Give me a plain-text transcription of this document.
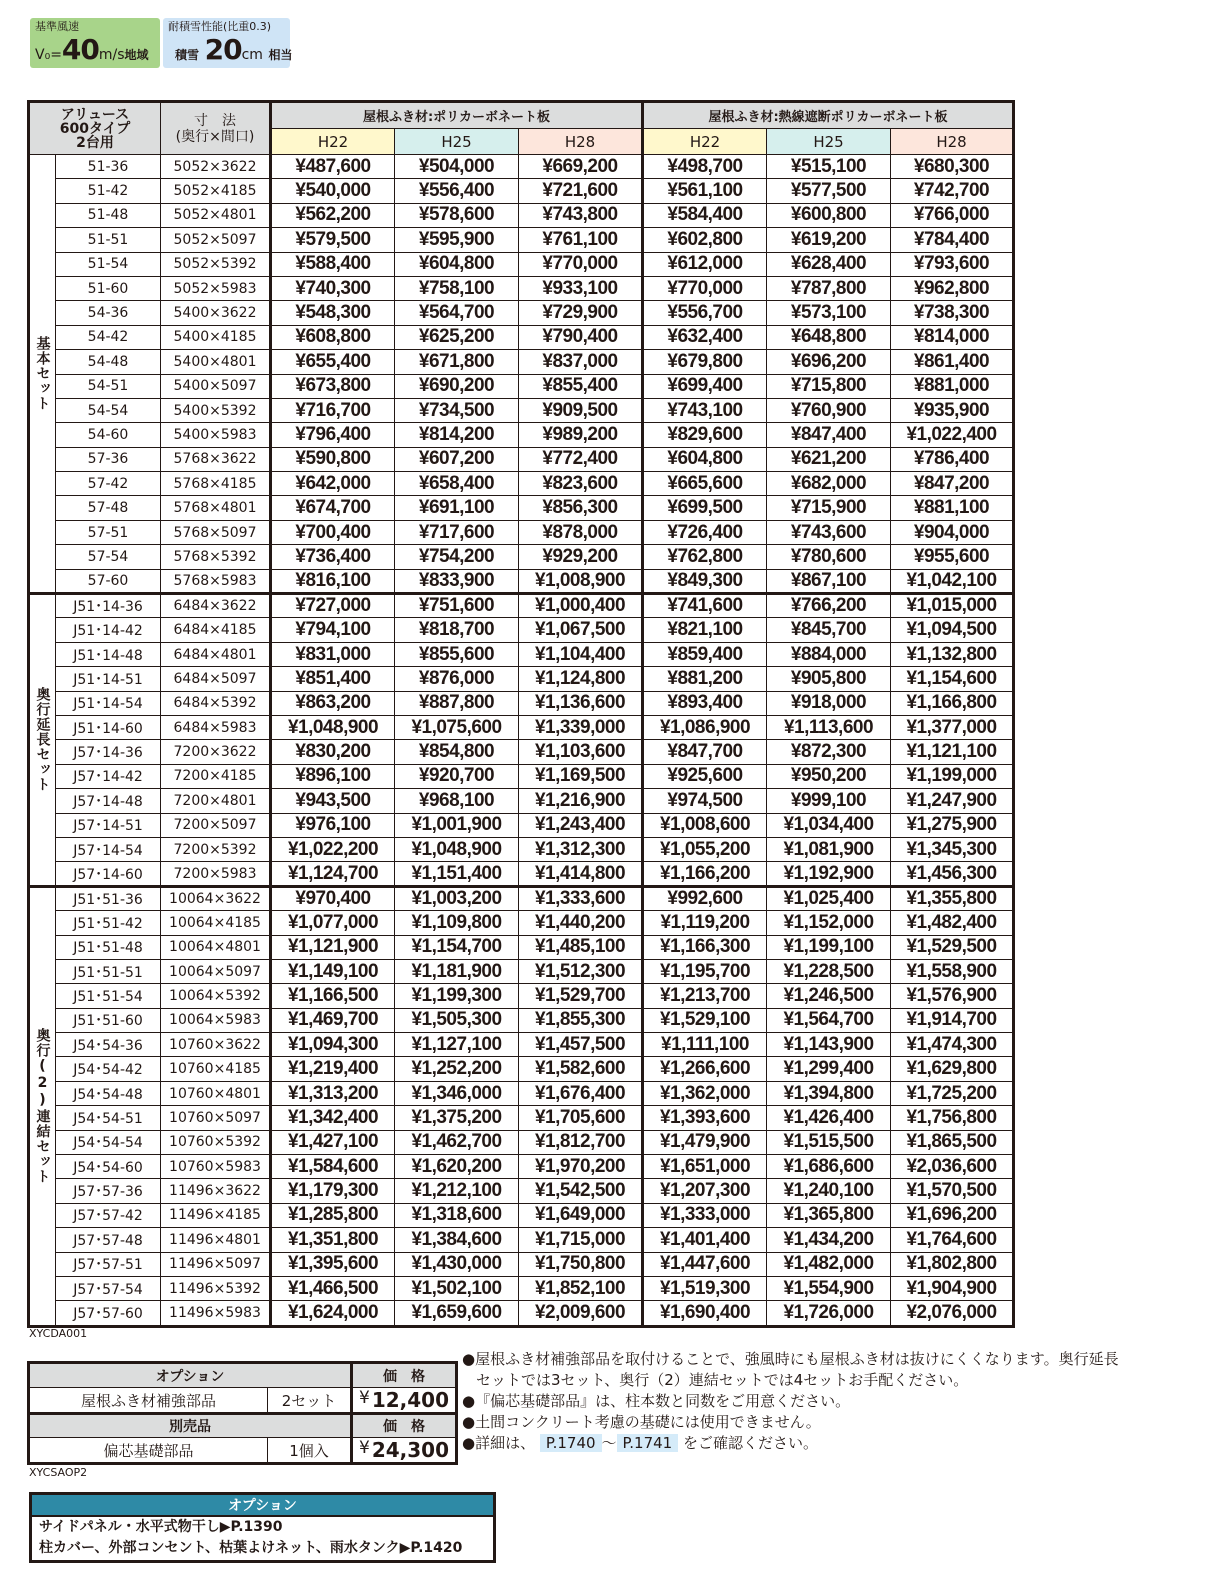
基準風速
V₀=40m/s地域
耐積雪性能(比重0.3)
積雪 20cm 相当
アリュース
600タイプ
2台用

寸　法
(奥行×間口)
	屋根ふき材:ポリカーボネート板	屋根ふき材:熱線遮断ポリカーボネート板
			H22	H25	H28	H22	H25	H28
基本セット	51-36	5052×3622	¥487,600	¥504,000	¥669,200	¥498,700	¥515,100	¥680,300
	51-42	5052×4185	¥540,000	¥556,400	¥721,600	¥561,100	¥577,500	¥742,700
	51-48	5052×4801	¥562,200	¥578,600	¥743,800	¥584,400	¥600,800	¥766,000
	51-51	5052×5097	¥579,500	¥595,900	¥761,100	¥602,800	¥619,200	¥784,400
	51-54	5052×5392	¥588,400	¥604,800	¥770,000	¥612,000	¥628,400	¥793,600
	51-60	5052×5983	¥740,300	¥758,100	¥933,100	¥770,000	¥787,800	¥962,800
	54-36	5400×3622	¥548,300	¥564,700	¥729,900	¥556,700	¥573,100	¥738,300
	54-42	5400×4185	¥608,800	¥625,200	¥790,400	¥632,400	¥648,800	¥814,000
	54-48	5400×4801	¥655,400	¥671,800	¥837,000	¥679,800	¥696,200	¥861,400
	54-51	5400×5097	¥673,800	¥690,200	¥855,400	¥699,400	¥715,800	¥881,000
	54-54	5400×5392	¥716,700	¥734,500	¥909,500	¥743,100	¥760,900	¥935,900
	54-60	5400×5983	¥796,400	¥814,200	¥989,200	¥829,600	¥847,400	¥1,022,400
	57-36	5768×3622	¥590,800	¥607,200	¥772,400	¥604,800	¥621,200	¥786,400
	57-42	5768×4185	¥642,000	¥658,400	¥823,600	¥665,600	¥682,000	¥847,200
	57-48	5768×4801	¥674,700	¥691,100	¥856,300	¥699,500	¥715,900	¥881,100
	57-51	5768×5097	¥700,400	¥717,600	¥878,000	¥726,400	¥743,600	¥904,000
	57-54	5768×5392	¥736,400	¥754,200	¥929,200	¥762,800	¥780,600	¥955,600
	57-60	5768×5983	¥816,100	¥833,900	¥1,008,900	¥849,300	¥867,100	¥1,042,100
奥行延長セット	J51･14-36	6484×3622	¥727,000	¥751,600	¥1,000,400	¥741,600	¥766,200	¥1,015,000
	J51･14-42	6484×4185	¥794,100	¥818,700	¥1,067,500	¥821,100	¥845,700	¥1,094,500
	J51･14-48	6484×4801	¥831,000	¥855,600	¥1,104,400	¥859,400	¥884,000	¥1,132,800
	J51･14-51	6484×5097	¥851,400	¥876,000	¥1,124,800	¥881,200	¥905,800	¥1,154,600
	J51･14-54	6484×5392	¥863,200	¥887,800	¥1,136,600	¥893,400	¥918,000	¥1,166,800
	J51･14-60	6484×5983	¥1,048,900	¥1,075,600	¥1,339,000	¥1,086,900	¥1,113,600	¥1,377,000
	J57･14-36	7200×3622	¥830,200	¥854,800	¥1,103,600	¥847,700	¥872,300	¥1,121,100
	J57･14-42	7200×4185	¥896,100	¥920,700	¥1,169,500	¥925,600	¥950,200	¥1,199,000
	J57･14-48	7200×4801	¥943,500	¥968,100	¥1,216,900	¥974,500	¥999,100	¥1,247,900
	J57･14-51	7200×5097	¥976,100	¥1,001,900	¥1,243,400	¥1,008,600	¥1,034,400	¥1,275,900
	J57･14-54	7200×5392	¥1,022,200	¥1,048,900	¥1,312,300	¥1,055,200	¥1,081,900	¥1,345,300
	J57･14-60	7200×5983	¥1,124,700	¥1,151,400	¥1,414,800	¥1,166,200	¥1,192,900	¥1,456,300
奥行(2)連結セット	J51･51-36	10064×3622	¥970,400	¥1,003,200	¥1,333,600	¥992,600	¥1,025,400	¥1,355,800
	J51･51-42	10064×4185	¥1,077,000	¥1,109,800	¥1,440,200	¥1,119,200	¥1,152,000	¥1,482,400
	J51･51-48	10064×4801	¥1,121,900	¥1,154,700	¥1,485,100	¥1,166,300	¥1,199,100	¥1,529,500
	J51･51-51	10064×5097	¥1,149,100	¥1,181,900	¥1,512,300	¥1,195,700	¥1,228,500	¥1,558,900
	J51･51-54	10064×5392	¥1,166,500	¥1,199,300	¥1,529,700	¥1,213,700	¥1,246,500	¥1,576,900
	J51･51-60	10064×5983	¥1,469,700	¥1,505,300	¥1,855,300	¥1,529,100	¥1,564,700	¥1,914,700
	J54･54-36	10760×3622	¥1,094,300	¥1,127,100	¥1,457,500	¥1,111,100	¥1,143,900	¥1,474,300
	J54･54-42	10760×4185	¥1,219,400	¥1,252,200	¥1,582,600	¥1,266,600	¥1,299,400	¥1,629,800
	J54･54-48	10760×4801	¥1,313,200	¥1,346,000	¥1,676,400	¥1,362,000	¥1,394,800	¥1,725,200
	J54･54-51	10760×5097	¥1,342,400	¥1,375,200	¥1,705,600	¥1,393,600	¥1,426,400	¥1,756,800
	J54･54-54	10760×5392	¥1,427,100	¥1,462,700	¥1,812,700	¥1,479,900	¥1,515,500	¥1,865,500
	J54･54-60	10760×5983	¥1,584,600	¥1,620,200	¥1,970,200	¥1,651,000	¥1,686,600	¥2,036,600
	J57･57-36	11496×3622	¥1,179,300	¥1,212,100	¥1,542,500	¥1,207,300	¥1,240,100	¥1,570,500
	J57･57-42	11496×4185	¥1,285,800	¥1,318,600	¥1,649,000	¥1,333,000	¥1,365,800	¥1,696,200
	J57･57-48	11496×4801	¥1,351,800	¥1,384,600	¥1,715,000	¥1,401,400	¥1,434,200	¥1,764,600
	J57･57-51	11496×5097	¥1,395,600	¥1,430,000	¥1,750,800	¥1,447,600	¥1,482,000	¥1,802,800
	J57･57-54	11496×5392	¥1,466,500	¥1,502,100	¥1,852,100	¥1,519,300	¥1,554,900	¥1,904,900
	J57･57-60	11496×5983	¥1,624,000	¥1,659,600	¥2,009,600	¥1,690,400	¥1,726,000	¥2,076,000
XYCDA001
オプション		価　格
屋根ふき材補強部品	2セット	¥ 12,400
別売品		価　格
偏芯基礎部品	1個入	¥ 24,300
XYCSAOP2

●屋根ふき材補強部品を取付けることで、強風時にも屋根ふき材は抜けにくくなります。奥行延長

セットでは3セット、奥行（2）連結セットでは4セットお手配ください。

●『偏芯基礎部品』は、柱本数と同数をご用意ください。

●土間コンクリート考慮の基礎には使用できません。

●詳細は、 P.1740 ～ P.1741 をご確認ください。

オプション
サイドパネル・水平式物干し▶P.1390
柱カバー、外部コンセント、枯葉よけネット、雨水タンク▶P.1420
